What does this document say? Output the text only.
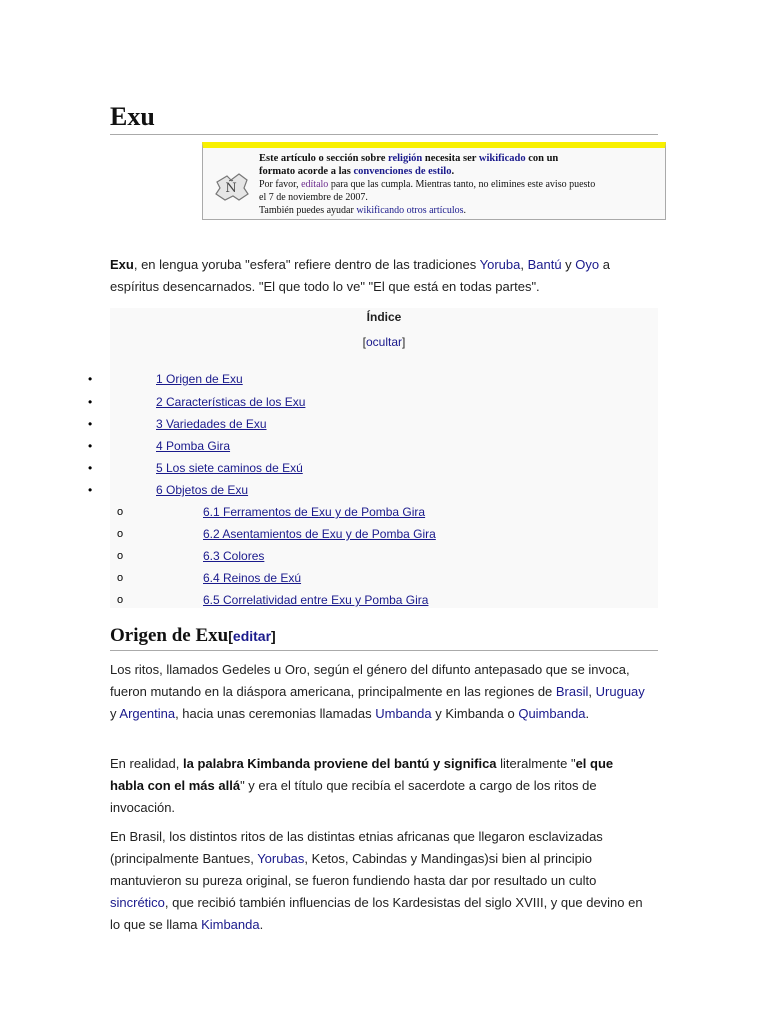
Exu
Ñ
Este artículo o sección sobre religión necesita ser wikificado con un
formato acorde a las convenciones de estilo.
Por favor, edítalo para que las cumpla. Mientras tanto, no elimines este aviso puesto
el 7 de noviembre de 2007.
También puedes ayudar wikificando otros artículos.
Exu, en lengua yoruba "esfera" refiere dentro de las tradiciones Yoruba, Bantú y Oyo a espíritus desencarnados. "El que todo lo ve" "El que está en todas partes".
Índice
[ocultar]
•	1 Origen de Exu
•	2 Características de los Exu
•	3 Variedades de Exu
•	4 Pomba Gira
•	5 Los siete caminos de Exú
•	6 Objetos de Exu
o	6.1 Ferramentos de Exu y de Pomba Gira
o	6.2 Asentamientos de Exu y de Pomba Gira
o	6.3 Colores
o	6.4 Reinos de Exú
o	6.5 Correlatividad entre Exu y Pomba Gira
Origen de Exu[editar]
Los ritos, llamados Gedeles u Oro, según el género del difunto antepasado que se invoca, fueron mutando en la diáspora americana, principalmente en las regiones de Brasil, Uruguay y Argentina, hacia unas ceremonias llamadas Umbanda y Kimbanda o Quimbanda.
En realidad, la palabra Kimbanda proviene del bantú y significa literalmente "el que habla con el más allá" y era el título que recibía el sacerdote a cargo de los ritos de invocación.
En Brasil, los distintos ritos de las distintas etnias africanas que llegaron esclavizadas (principalmente Bantues, Yorubas, Ketos, Cabindas y Mandingas)si bien al principio mantuvieron su pureza original, se fueron fundiendo hasta dar por resultado un culto sincrético, que recibió también influencias de los Kardesistas del siglo XVIII, y que devino en lo que se llama Kimbanda.
